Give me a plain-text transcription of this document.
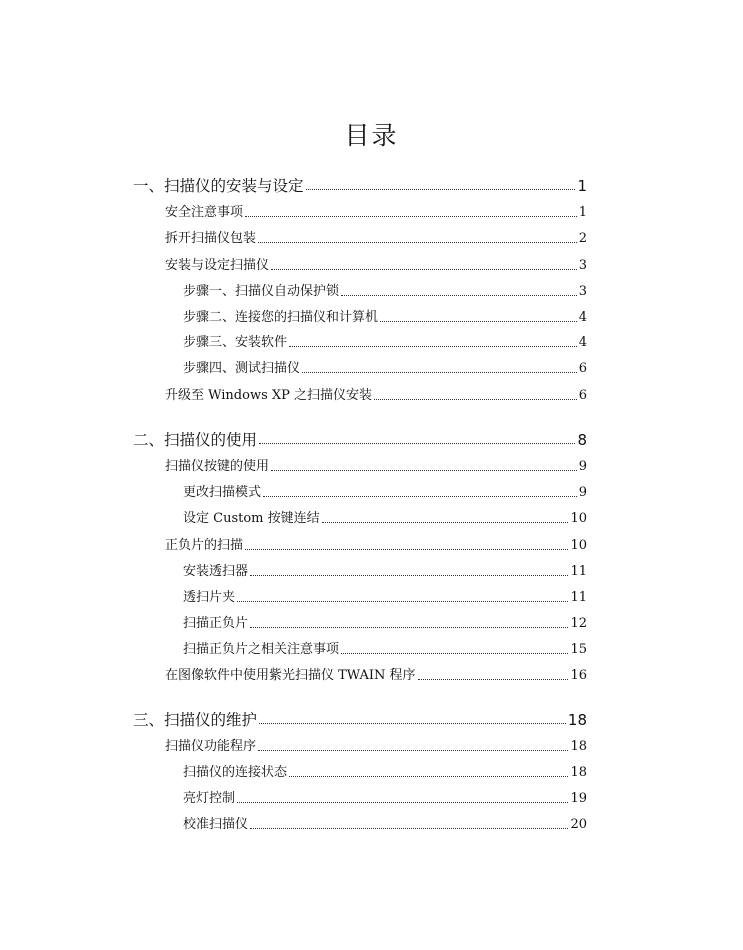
目录
一、扫描仪的安装与设定	1
安全注意事项	1
拆开扫描仪包装	2
安装与设定扫描仪	3
步骤一、扫描仪自动保护锁	3
步骤二、连接您的扫描仪和计算机	4
步骤三、安装软件	4
步骤四、测试扫描仪	6
升级至 Windows XP 之扫描仪安装	6
二、扫描仪的使用	8
扫描仪按键的使用	9
更改扫描模式	9
设定 Custom 按键连结	10
正负片的扫描	10
安装透扫器	11
透扫片夹	11
扫描正负片	12
扫描正负片之相关注意事项	15
在图像软件中使用紫光扫描仪 TWAIN 程序	16
三、扫描仪的维护	18
扫描仪功能程序	18
扫描仪的连接状态	18
亮灯控制	19
校准扫描仪	20
